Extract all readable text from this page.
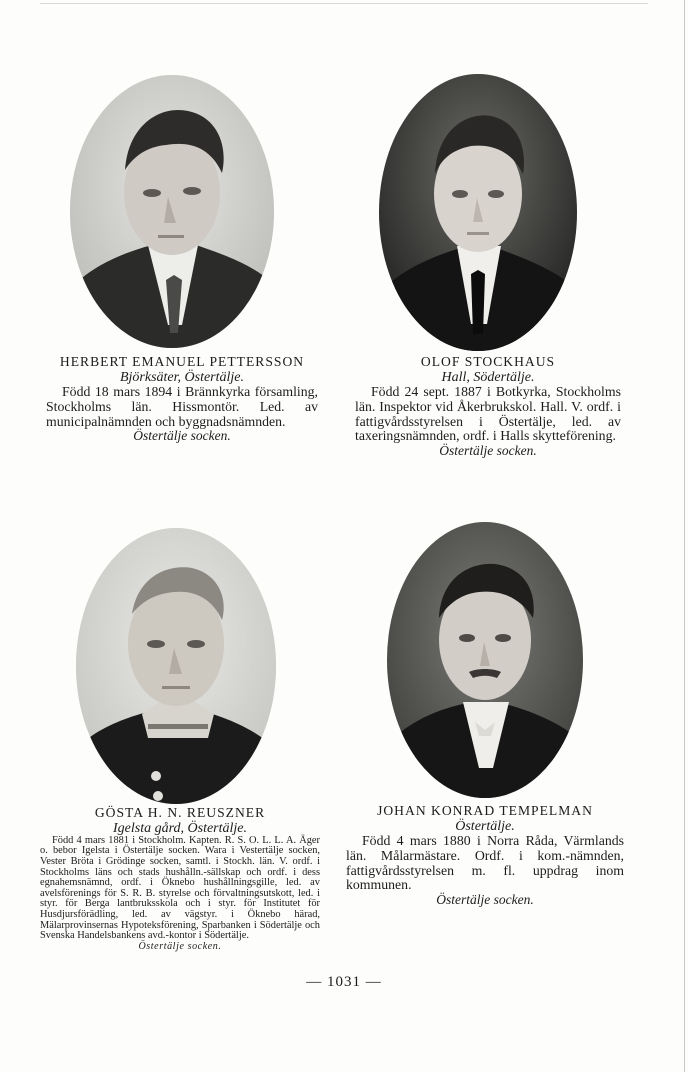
HERBERT EMANUEL PETTERSSON
Björksäter, Östertälje.
Född 18 mars 1894 i Brännkyrka församling, Stockholms län. Hissmontör. Led. av municipalnämnden och byggnadsnämnden.
Östertälje socken.
OLOF STOCKHAUS
Hall, Södertälje.
Född 24 sept. 1887 i Botkyrka, Stockholms län. Inspektor vid Åkerbrukskol. Hall. V. ordf. i fattigvårdsstyrelsen i Östertälje, led. av taxeringsnämnden, ordf. i Halls skytteförening.
Östertälje socken.
GÖSTA H. N. REUSZNER
Igelsta gård, Östertälje.
Född 4 mars 1881 i Stockholm. Kapten. R. S. O. L. L. A. Äger o. bebor Igelsta i Östertälje socken. Wara i Vestertälje socken, Vester Bröta i Grödinge socken, samtl. i Stockh. län. V. ordf. i Stockholms läns och stads hushålln.-sällskap och ordf. i dess egnahemsnämnd, ordf. i Öknebo hushållningsgille, led. av avelsförenings för S. R. B. styrelse och förvaltningsutskott, led. i styr. för Berga lantbruksskola och i styr. för Institutet för Husdjursförädling, led. av vägstyr. i Öknebo härad, Mälarprovinsernas Hypoteksförening, Sparbanken i Södertälje och Svenska Handelsbankens avd.-kontor i Södertälje.
Östertälje socken.
JOHAN KONRAD TEMPELMAN
Östertälje.
Född 4 mars 1880 i Norra Råda, Värmlands län. Målarmästare. Ordf. i kom.-nämnden, fattigvårdsstyrelsen m. fl. uppdrag inom kommunen.
Östertälje socken.
— 1031 —
